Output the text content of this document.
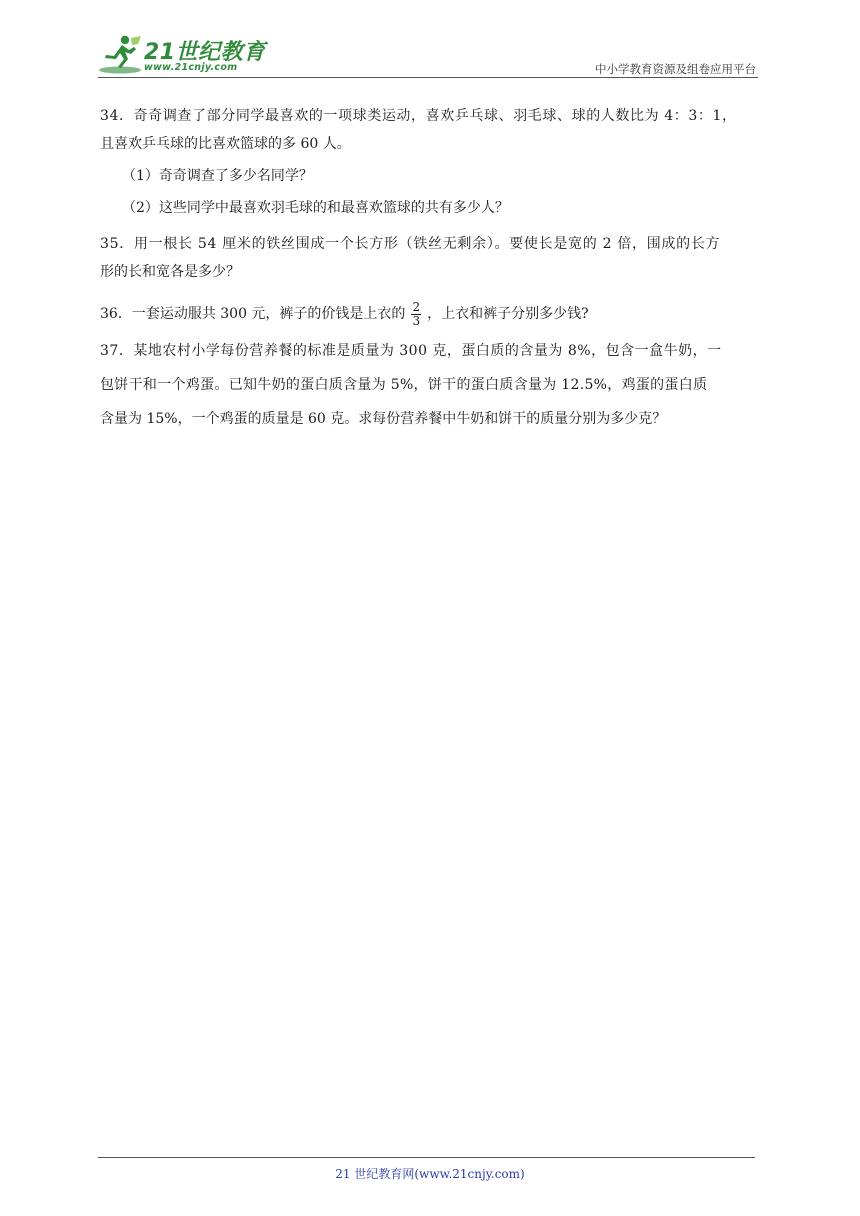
21世纪教育
www.21cnjy.com	中小学教育资源及组卷应用平台
34．奇奇调查了部分同学最喜欢的一项球类运动，喜欢乒乓球、羽毛球、球的人数比为 4：3：1，
且喜欢乒乓球的比喜欢篮球的多 60 人。
（1）奇奇调查了多少名同学？
（2）这些同学中最喜欢羽毛球的和最喜欢篮球的共有多少人？
35．用一根长 54 厘米的铁丝围成一个长方形（铁丝无剩余）。要使长是宽的 2 倍，围成的长方
形的长和宽各是多少？
36．一套运动服共 300 元，裤子的价钱是上衣的 $\frac{2}{3}$ ，上衣和裤子分别多少钱?
37．某地农村小学每份营养餐的标准是质量为 300 克，蛋白质的含量为 8%，包含一盒牛奶，一
包饼干和一个鸡蛋。已知牛奶的蛋白质含量为 5%，饼干的蛋白质含量为 12.5%，鸡蛋的蛋白质
含量为 15%，一个鸡蛋的质量是 60 克。求每份营养餐中牛奶和饼干的质量分别为多少克？
21 世纪教育网(www.21cnjy.com)
